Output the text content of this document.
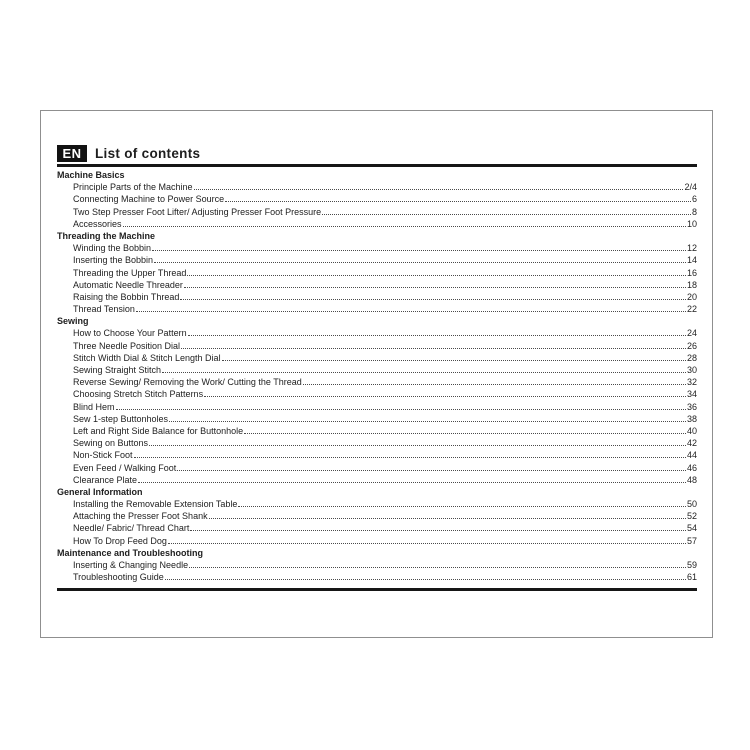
EN List of contents
Machine Basics
Principle Parts of the Machine	2/4
Connecting Machine to Power Source	6
Two Step Presser Foot Lifter/ Adjusting Presser Foot Pressure	8
Accessories	10
Threading the Machine
Winding the Bobbin	12
Inserting the Bobbin	14
Threading the Upper Thread	16
Automatic Needle Threader	18
Raising the Bobbin Thread	20
Thread Tension	22
Sewing
How to Choose Your Pattern	24
Three Needle Position Dial	26
Stitch Width Dial & Stitch Length Dial	28
Sewing Straight Stitch	30
Reverse Sewing/ Removing the Work/ Cutting the Thread	32
Choosing Stretch Stitch Patterns	34
Blind Hem	36
Sew 1-step Buttonholes	38
Left and Right Side Balance for Buttonhole	40
Sewing on Buttons	42
Non-Stick Foot	44
Even Feed / Walking Foot	46
Clearance Plate	48
General Information
Installing the Removable Extension Table	50
Attaching the Presser Foot Shank	52
Needle/ Fabric/ Thread Chart	54
How To Drop Feed Dog	57
Maintenance and Troubleshooting
Inserting & Changing Needle	59
Troubleshooting Guide	61
